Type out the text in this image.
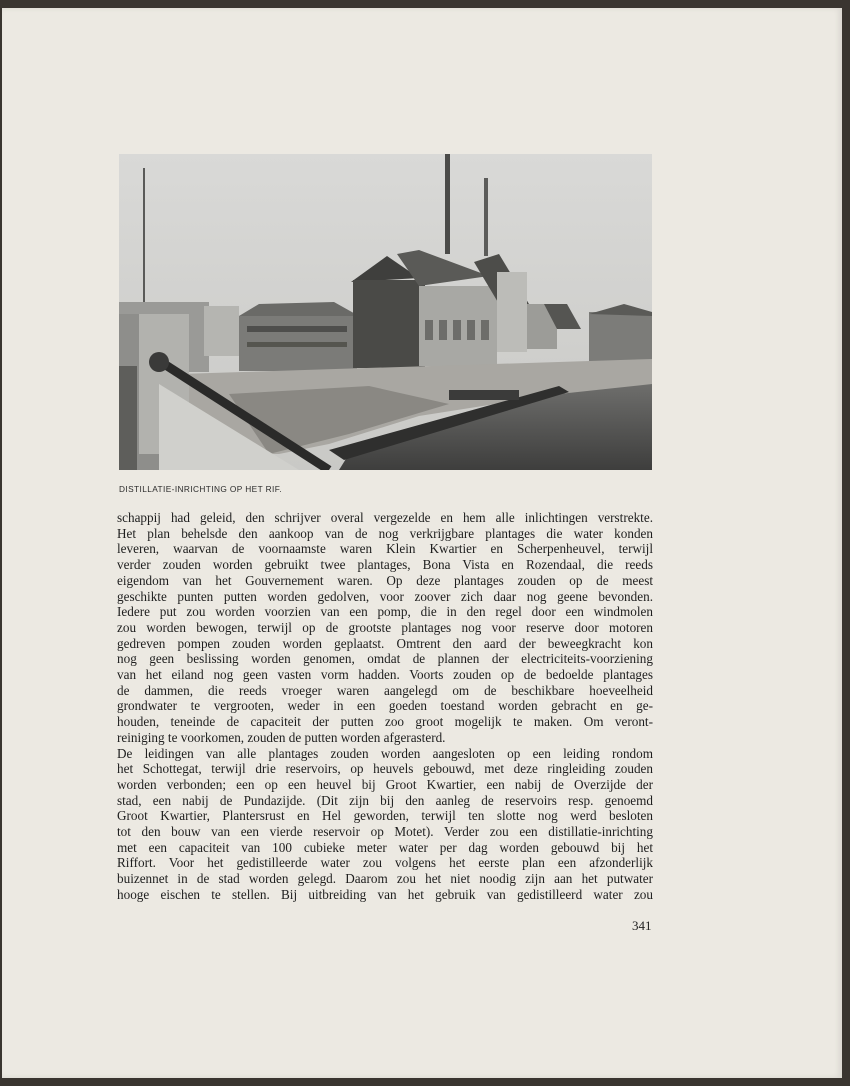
DISTILLATIE-INRICHTING OP HET RIF.
schappij had geleid, den schrijver overal vergezelde en hem alle inlichtingen verstrekte.
Het plan behelsde den aankoop van de nog verkrijgbare plantages die water konden
leveren, waarvan de voornaamste waren Klein Kwartier en Scherpenheuvel, terwijl
verder zouden worden gebruikt twee plantages, Bona Vista en Rozendaal, die reeds
eigendom van het Gouvernement waren. Op deze plantages zouden op de meest
geschikte punten putten worden gedolven, voor zoover zich daar nog geene bevonden.
Iedere put zou worden voorzien van een pomp, die in den regel door een windmolen
zou worden bewogen, terwijl op de grootste plantages nog voor reserve door motoren
gedreven pompen zouden worden geplaatst. Omtrent den aard der beweegkracht kon
nog geen beslissing worden genomen, omdat de plannen der electriciteits-voorziening
van het eiland nog geen vasten vorm hadden. Voorts zouden op de bedoelde plantages
de dammen, die reeds vroeger waren aangelegd om de beschikbare hoeveelheid
grondwater te vergrooten, weder in een goeden toestand worden gebracht en ge-
houden, teneinde de capaciteit der putten zoo groot mogelijk te maken. Om veront-
reiniging te voorkomen, zouden de putten worden afgerasterd.
De leidingen van alle plantages zouden worden aangesloten op een leiding rondom
het Schottegat, terwijl drie reservoirs, op heuvels gebouwd, met deze ringleiding zouden
worden verbonden; een op een heuvel bij Groot Kwartier, een nabij de Overzijde der
stad, een nabij de Pundazijde. (Dit zijn bij den aanleg de reservoirs resp. genoemd
Groot Kwartier, Plantersrust en Hel geworden, terwijl ten slotte nog werd besloten
tot den bouw van een vierde reservoir op Motet). Verder zou een distillatie-inrichting
met een capaciteit van 100 cubieke meter water per dag worden gebouwd bij het
Riffort. Voor het gedistilleerde water zou volgens het eerste plan een afzonderlijk
buizennet in de stad worden gelegd. Daarom zou het niet noodig zijn aan het putwater
hooge eischen te stellen. Bij uitbreiding van het gebruik van gedistilleerd water zou
341
